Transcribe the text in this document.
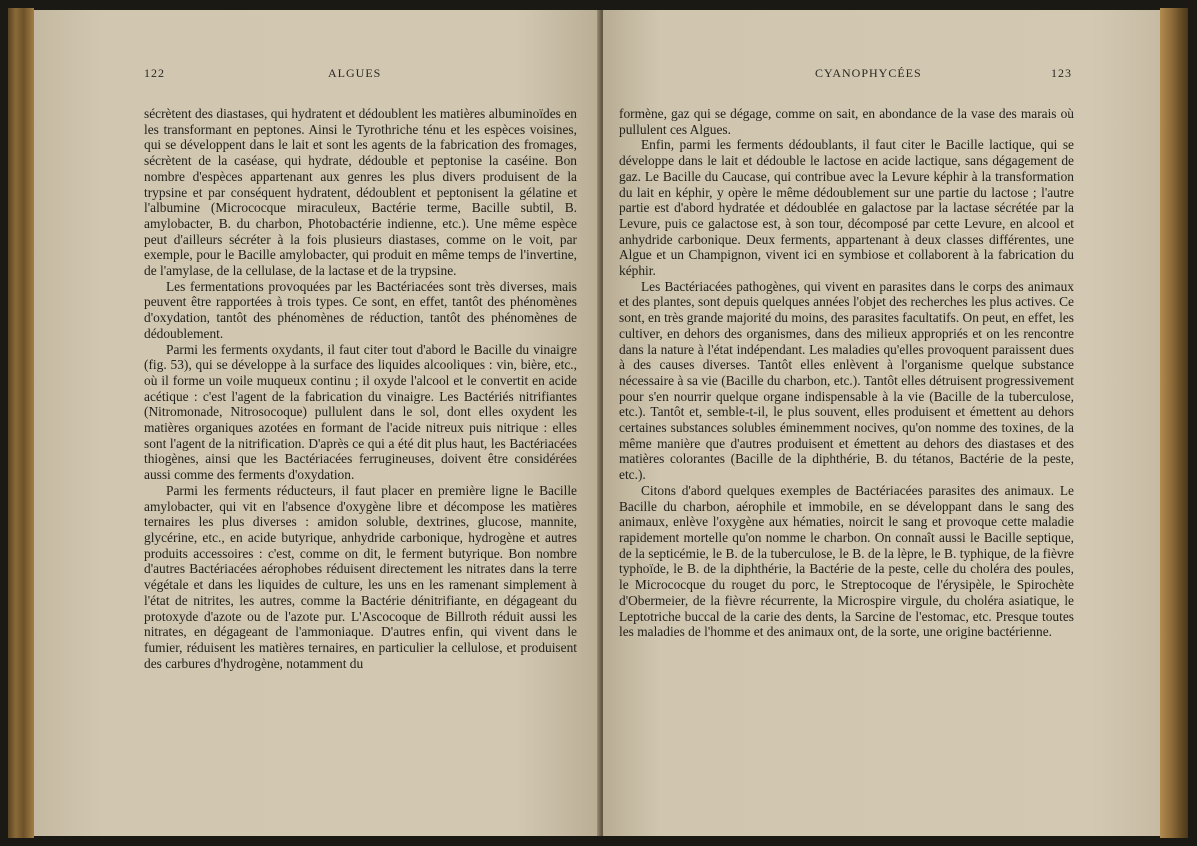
122	ALGUES

sécrètent des diastases, qui hydratent et dédoublent les matières albuminoïdes en les transformant en peptones. Ainsi le Tyrothriche ténu et les espèces voisines, qui se développent dans le lait et sont les agents de la fabrication des fromages, sécrètent de la caséase, qui hydrate, dédouble et peptonise la caséine. Bon nombre d'espèces appartenant aux genres les plus divers produisent de la trypsine et par conséquent hydratent, dédoublent et peptonisent la gélatine et l'albumine (Micrococque miraculeux, Bactérie terme, Bacille subtil, B. amylobacter, B. du charbon, Photobactérie indienne, etc.). Une même espèce peut d'ailleurs sécréter à la fois plusieurs diastases, comme on le voit, par exemple, pour le Bacille amylobacter, qui produit en même temps de l'invertine, de l'amylase, de la cellulase, de la lactase et de la trypsine.

Les fermentations provoquées par les Bactériacées sont très diverses, mais peuvent être rapportées à trois types. Ce sont, en effet, tantôt des phénomènes d'oxydation, tantôt des phénomènes de réduction, tantôt des phénomènes de dédoublement.

Parmi les ferments oxydants, il faut citer tout d'abord le Bacille du vinaigre (fig. 53), qui se développe à la surface des liquides alcooliques : vin, bière, etc., où il forme un voile muqueux continu ; il oxyde l'alcool et le convertit en acide acétique : c'est l'agent de la fabrication du vinaigre. Les Bactériés nitrifiantes (Nitromonade, Nitrosocoque) pullulent dans le sol, dont elles oxydent les matières organiques azotées en formant de l'acide nitreux puis nitrique : elles sont l'agent de la nitrification. D'après ce qui a été dit plus haut, les Bactériacées thiogènes, ainsi que les Bactériacées ferrugineuses, doivent être considérées aussi comme des ferments d'oxydation.

Parmi les ferments réducteurs, il faut placer en première ligne le Bacille amylobacter, qui vit en l'absence d'oxygène libre et décompose les matières ternaires les plus diverses : amidon soluble, dextrines, glucose, mannite, glycérine, etc., en acide butyrique, anhydride carbonique, hydrogène et autres produits accessoires : c'est, comme on dit, le ferment butyrique. Bon nombre d'autres Bactériacées aérophobes réduisent directement les nitrates dans la terre végétale et dans les liquides de culture, les uns en les ramenant simplement à l'état de nitrites, les autres, comme la Bactérie dénitrifiante, en dégageant du protoxyde d'azote ou de l'azote pur. L'Ascocoque de Billroth réduit aussi les nitrates, en dégageant de l'ammoniaque. D'autres enfin, qui vivent dans le fumier, réduisent les matières ternaires, en particulier la cellulose, et produisent des carbures d'hydrogène, notamment du

CYANOPHYCÉES	123

formène, gaz qui se dégage, comme on sait, en abondance de la vase des marais où pullulent ces Algues.

Enfin, parmi les ferments dédoublants, il faut citer le Bacille lactique, qui se développe dans le lait et dédouble le lactose en acide lactique, sans dégagement de gaz. Le Bacille du Caucase, qui contribue avec la Levure képhir à la transformation du lait en képhir, y opère le même dédoublement sur une partie du lactose ; l'autre partie est d'abord hydratée et dédoublée en galactose par la lactase sécrétée par la Levure, puis ce galactose est, à son tour, décomposé par cette Levure, en alcool et anhydride carbonique. Deux ferments, appartenant à deux classes différentes, une Algue et un Champignon, vivent ici en symbiose et collaborent à la fabrication du képhir.

Les Bactériacées pathogènes, qui vivent en parasites dans le corps des animaux et des plantes, sont depuis quelques années l'objet des recherches les plus actives. Ce sont, en très grande majorité du moins, des parasites facultatifs. On peut, en effet, les cultiver, en dehors des organismes, dans des milieux appropriés et on les rencontre dans la nature à l'état indépendant. Les maladies qu'elles provoquent paraissent dues à des causes diverses. Tantôt elles enlèvent à l'organisme quelque substance nécessaire à sa vie (Bacille du charbon, etc.). Tantôt elles détruisent progressivement pour s'en nourrir quelque organe indispensable à la vie (Bacille de la tuberculose, etc.). Tantôt et, semble-t-il, le plus souvent, elles produisent et émettent au dehors certaines substances solubles éminemment nocives, qu'on nomme des toxines, de la même manière que d'autres produisent et émettent au dehors des diastases et des matières colorantes (Bacille de la diphthérie, B. du tétanos, Bactérie de la peste, etc.).

Citons d'abord quelques exemples de Bactériacées parasites des animaux. Le Bacille du charbon, aérophile et immobile, en se développant dans le sang des animaux, enlève l'oxygène aux hématies, noircit le sang et provoque cette maladie rapidement mortelle qu'on nomme le charbon. On connaît aussi le Bacille septique, de la septicémie, le B. de la tuberculose, le B. de la lèpre, le B. typhique, de la fièvre typhoïde, le B. de la diphthérie, la Bactérie de la peste, celle du choléra des poules, le Micrococque du rouget du porc, le Streptocoque de l'érysipèle, le Spirochète d'Obermeier, de la fièvre récurrente, la Microspire virgule, du choléra asiatique, le Leptotriche buccal de la carie des dents, la Sarcine de l'estomac, etc. Presque toutes les maladies de l'homme et des animaux ont, de la sorte, une origine bactérienne.
